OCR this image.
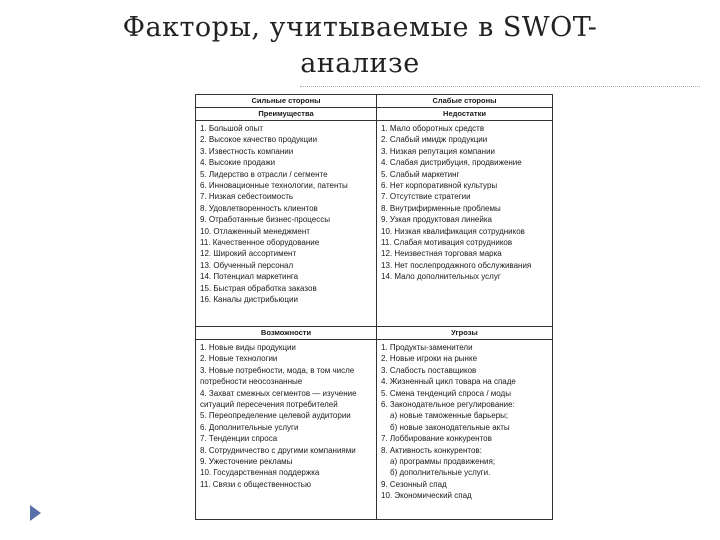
Факторы, учитываемые в SWOT-
анализе
Сильные стороны
Преимущества
1. Большой опыт
2. Высокое качество продукции
3. Известность компании
4. Высокие продажи
5. Лидерство в отрасли / сегменте
6. Инновационные технологии, патенты
7. Низкая себестоимость
8. Удовлетворенность клиентов
9. Отработанные бизнес-процессы
10. Отлаженный менеджмент
11. Качественное оборудование
12. Широкий ассортимент
13. Обученный персонал
14. Потенциал маркетинга
15. Быстрая обработка заказов
16. Каналы дистрибьюции
Слабые стороны
Недостатки
1. Мало оборотных средств
2. Слабый имидж продукции
3. Низкая репутация компании
4. Слабая дистрибуция, продвижение
5. Слабый маркетинг
6. Нет корпоративной культуры
7. Отсутствие стратегии
8. Внутрифирменные проблемы
9. Узкая продуктовая линейка
10. Низкая квалификация сотрудников
11. Слабая мотивация сотрудников
12. Неизвестная торговая марка
13. Нет послепродажного обслуживания
14. Мало дополнительных услуг
Возможности
1. Новые виды продукции
2. Новые технологии
3. Новые потребности, мода, в том числе
потребности неосознанные
4. Захват смежных сегментов — изучение
ситуаций пересечения потребителей
5. Переопределение целевой аудитории
6. Дополнительные услуги
7. Тенденции спроса
8. Сотрудничество с другими компаниями
9. Ужесточение рекламы
10. Государственная поддержка
11. Связи с общественностью
Угрозы
1. Продукты-заменители
2. Новые игроки на рынке
3. Слабость поставщиков
4. Жизненный цикл товара на спаде
5. Смена тенденций спроса / моды
6. Законодательное регулирование:
а) новые таможенные барьеры;
б) новые законодательные акты
7. Лоббирование конкурентов
8. Активность конкурентов:
а) программы продвижения;
б) дополнительные услуги.
9. Сезонный спад
10. Экономический спад
